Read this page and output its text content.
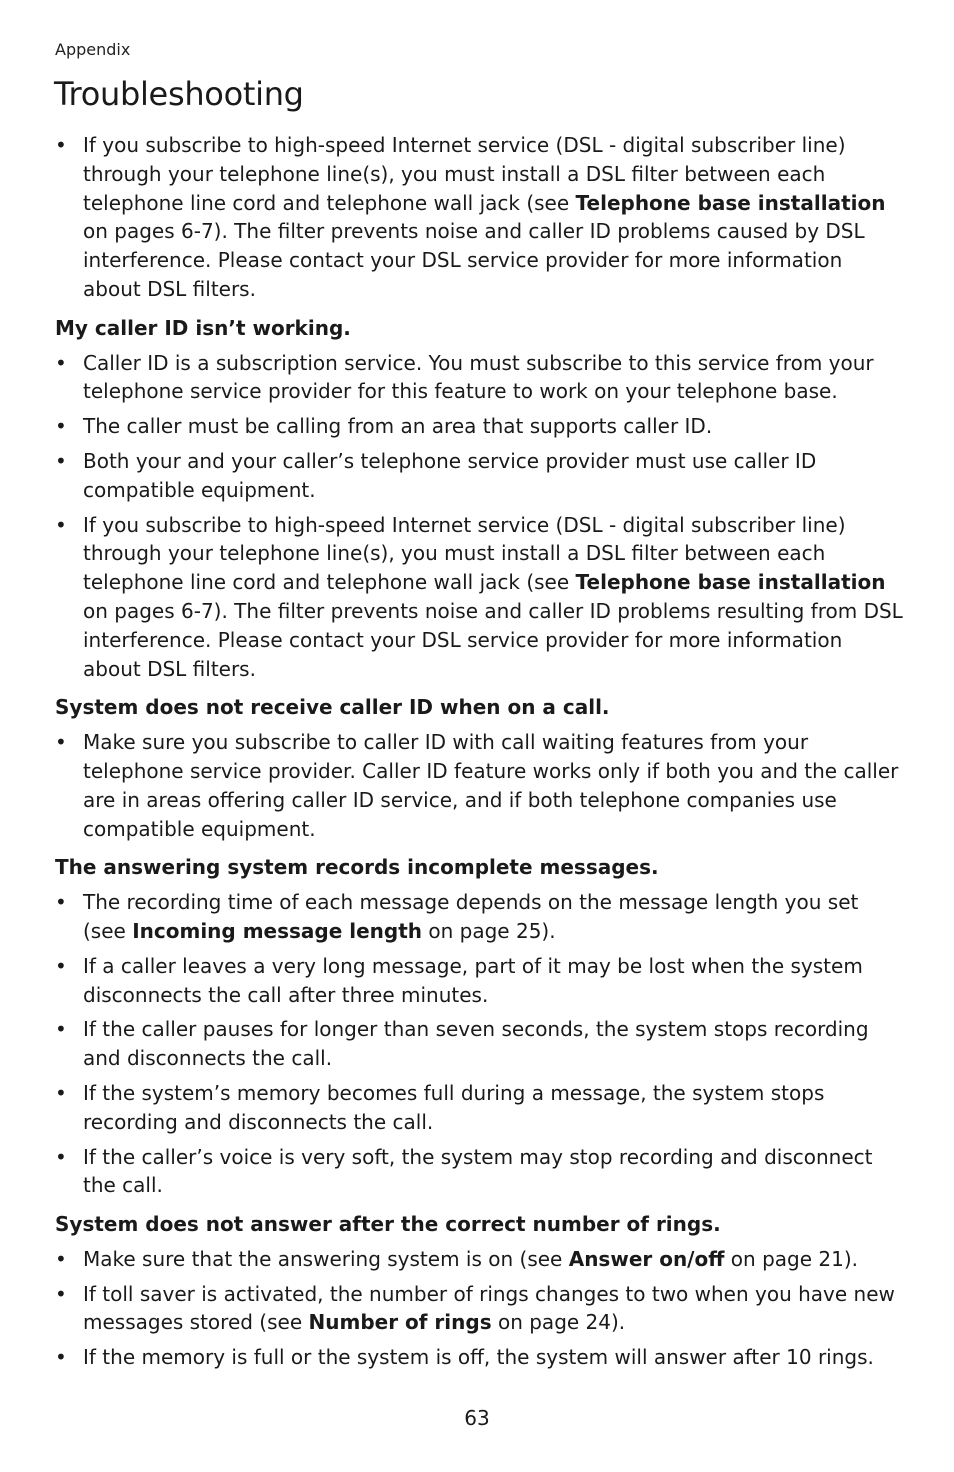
Appendix
Troubleshooting
• If you subscribe to high-speed Internet service (DSL - digital subscriber line) through your telephone line(s), you must install a DSL filter between each telephone line cord and telephone wall jack (see Telephone base installation on pages 6-7). The filter prevents noise and caller ID problems caused by DSL interference. Please contact your DSL service provider for more information about DSL filters.
My caller ID isn’t working.
• Caller ID is a subscription service. You must subscribe to this service from your telephone service provider for this feature to work on your telephone base.
• The caller must be calling from an area that supports caller ID.
• Both your and your caller’s telephone service provider must use caller ID compatible equipment.
• If you subscribe to high-speed Internet service (DSL - digital subscriber line) through your telephone line(s), you must install a DSL filter between each telephone line cord and telephone wall jack (see Telephone base installation on pages 6-7). The filter prevents noise and caller ID problems resulting from DSL interference. Please contact your DSL service provider for more information about DSL filters.
System does not receive caller ID when on a call.
• Make sure you subscribe to caller ID with call waiting features from your telephone service provider. Caller ID feature works only if both you and the caller are in areas offering caller ID service, and if both telephone companies use compatible equipment.
The answering system records incomplete messages.
• The recording time of each message depends on the message length you set (see Incoming message length on page 25).
• If a caller leaves a very long message, part of it may be lost when the system disconnects the call after three minutes.
• If the caller pauses for longer than seven seconds, the system stops recording and disconnects the call.
• If the system’s memory becomes full during a message, the system stops recording and disconnects the call.
• If the caller’s voice is very soft, the system may stop recording and disconnect the call.
System does not answer after the correct number of rings.
• Make sure that the answering system is on (see Answer on/off on page 21).
• If toll saver is activated, the number of rings changes to two when you have new messages stored (see Number of rings on page 24).
• If the memory is full or the system is off, the system will answer after 10 rings.
63
